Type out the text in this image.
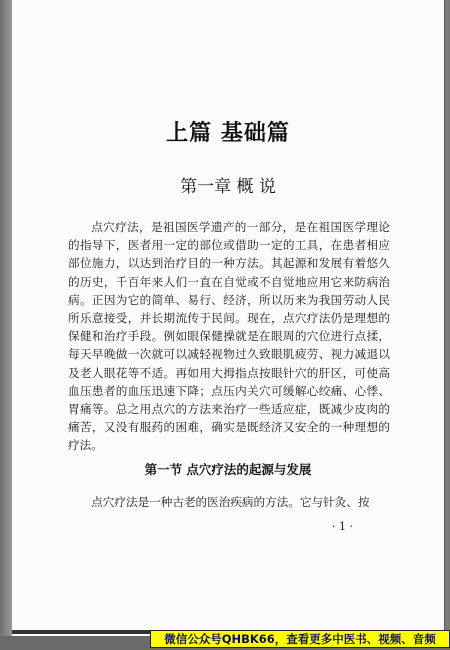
上篇 基础篇
第一章 概 说
点穴疗法，是祖国医学遗产的一部分，是在祖国医学理论的指导下，医者用一定的部位或借助一定的工具，在患者相应部位施力，以达到治疗目的一种方法。其起源和发展有着悠久的历史，千百年来人们一直在自觉或不自觉地应用它来防病治病。正因为它的简单、易行、经济，所以历来为我国劳动人民所乐意接受，并长期流传于民间。现在，点穴疗法仍是理想的保健和治疗手段。例如眼保健操就是在眼周的穴位进行点揉，每天早晚做一次就可以减轻视物过久致眼肌疲劳、视力减退以及老人眼花等不适。再如用大拇指点按眼针穴的肝区，可使高血压患者的血压迅速下降；点压内关穴可缓解心绞痛、心悸、胃痛等。总之用点穴的方法来治疗一些适应症，既减少皮肉的痛苦，又没有服药的困难，确实是既经济又安全的一种理想的疗法。
第一节 点穴疗法的起源与发展
点穴疗法是一种古老的医治疾病的方法。它与针灸、按
· 1 ·
微信公众号QHBK66，查看更多中医书、视频、音频
